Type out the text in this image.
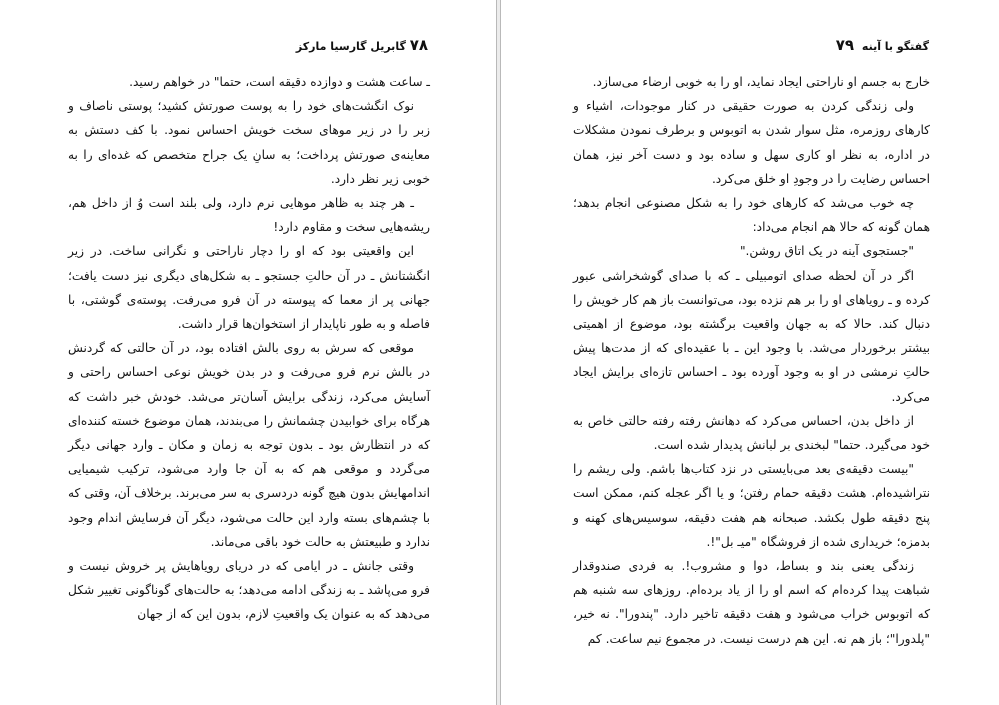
۷۸ گابریل گارسیا مارکز

ـ ساعت هشت و دوازده دقیقه است، حتما" در خواهم رسید.

نوک انگشت‌های خود را به پوست صورتش کشید؛ پوستی ناصاف و زبر را در زیر موهای سخت خویش احساس نمود. با کف دستش به معاینه‌ی صورتش پرداخت؛ به سانِ یک جراح متخصص که غده‌ای را به خوبی زیر نظر دارد.

ـ هر چند به ظاهر موهایی نرم دارد، ولی بلند است وُ از داخل هم، ریشه‌هایی سخت و مقاوم دارد!

این واقعیتی بود که او را دچار ناراحتی و نگرانی ساخت. در زیر انگشتانش ـ در آن حالتِ جستجو ـ به شکل‌های دیگری نیز دست یافت؛ جهانی پر از معما که پیوسته در آن فرو می‌رفت. پوسته‌ی گوشتی، با فاصله و به طور ناپایدار از استخوان‌ها قرار داشت.

موقعی که سرش به روی بالش افتاده بود، در آن حالتی که گردنش در بالش نرم فرو می‌رفت و در بدن خویش نوعی احساس راحتی و آسایش می‌کرد، زندگی برایش آسان‌تر می‌شد. خودش خبر داشت که هرگاه برای خوابیدن چشمانش را می‌بندند، همان موضوع خسته کننده‌ای که در انتظارش بود ـ بدون توجه به زمان و مکان ـ وارد جهانی دیگر می‌گردد و موقعی هم که به آن جا وارد می‌شود، ترکیب شیمیایی اندامهایش بدون هیچ گونه دردسری به سر می‌برند. برخلاف آن، وقتی که با چشم‌های بسته وارد این حالت می‌شود، دیگر آن فرسایش اندام وجود ندارد و طبیعتش به حالت خود باقی می‌ماند.

وقتی جانش ـ در ایامی که در دریای رویاهایش پر خروش نیست و فرو می‌پاشد ـ به زندگی ادامه می‌دهد؛ به حالت‌های گوناگونی تغییر شکل می‌دهد که به عنوان یک واقعیتِ لازم، بدون این که از جهان

گفتگو با آینه ۷۹

خارج به جسم او ناراحتی ایجاد نماید، او را به خوبی ارضاء می‌سازد.

ولی زندگی کردن به صورت حقیقی در کنار موجودات، اشیاء و کارهای روزمره، مثل سوار شدن به اتوبوس و برطرف نمودن مشکلات در اداره، به نظر او کاری سهل و ساده بود و دست آخر نیز، همان احساس رضایت را در وجودِ او خلق می‌کرد.

چه خوب می‌شد که کارهای خود را به شکل مصنوعی انجام بدهد؛ همان گونه که حالا هم انجام می‌داد:

"جستجوی آینه در یک اتاق روشن."

اگر در آن لحظه صدای اتومبیلی ـ که با صدای گوشخراشی عبور کرده و ـ رویاهای او را بر هم نزده بود، می‌توانست باز هم کار خویش را دنبال کند. حالا که به جهان واقعیت برگشته بود، موضوع از اهمیتی بیشتر برخوردار می‌شد. با وجود این ـ با عقیده‌ای که از مدت‌ها پیش حالتِ نرمشی در او به وجود آورده بود ـ احساس تازه‌ای برایش ایجاد می‌کرد.

از داخل بدن، احساس می‌کرد که دهانش رفته رفته حالتی خاص به خود می‌گیرد. حتما" لبخندی بر لبانش پدیدار شده است.

"بیست دقیقه‌ی بعد می‌بایستی در نزد کتاب‌ها باشم. ولی ریشم را نتراشیده‌ام. هشت دقیقه حمام رفتن؛ و یا اگر عجله کنم، ممکن است پنج دقیقه طول بکشد. صبحانه هم هفت دقیقه، سوسیس‌های کهنه و بدمزه؛ خریداری شده از فروشگاه "میـ بل"!.

زندگی یعنی بند و بساط، دوا و مشروب!. به فردی صندوقدار شباهت پیدا کرده‌ام که اسم او را از یاد برده‌ام. روزهای سه شنبه هم که اتوبوس خراب می‌شود و هفت دقیقه تاخیر دارد. "پندورا". نه خیر، "پلدورا"؛ باز هم نه. این هم درست نیست. در مجموع نیم ساعت. کم
